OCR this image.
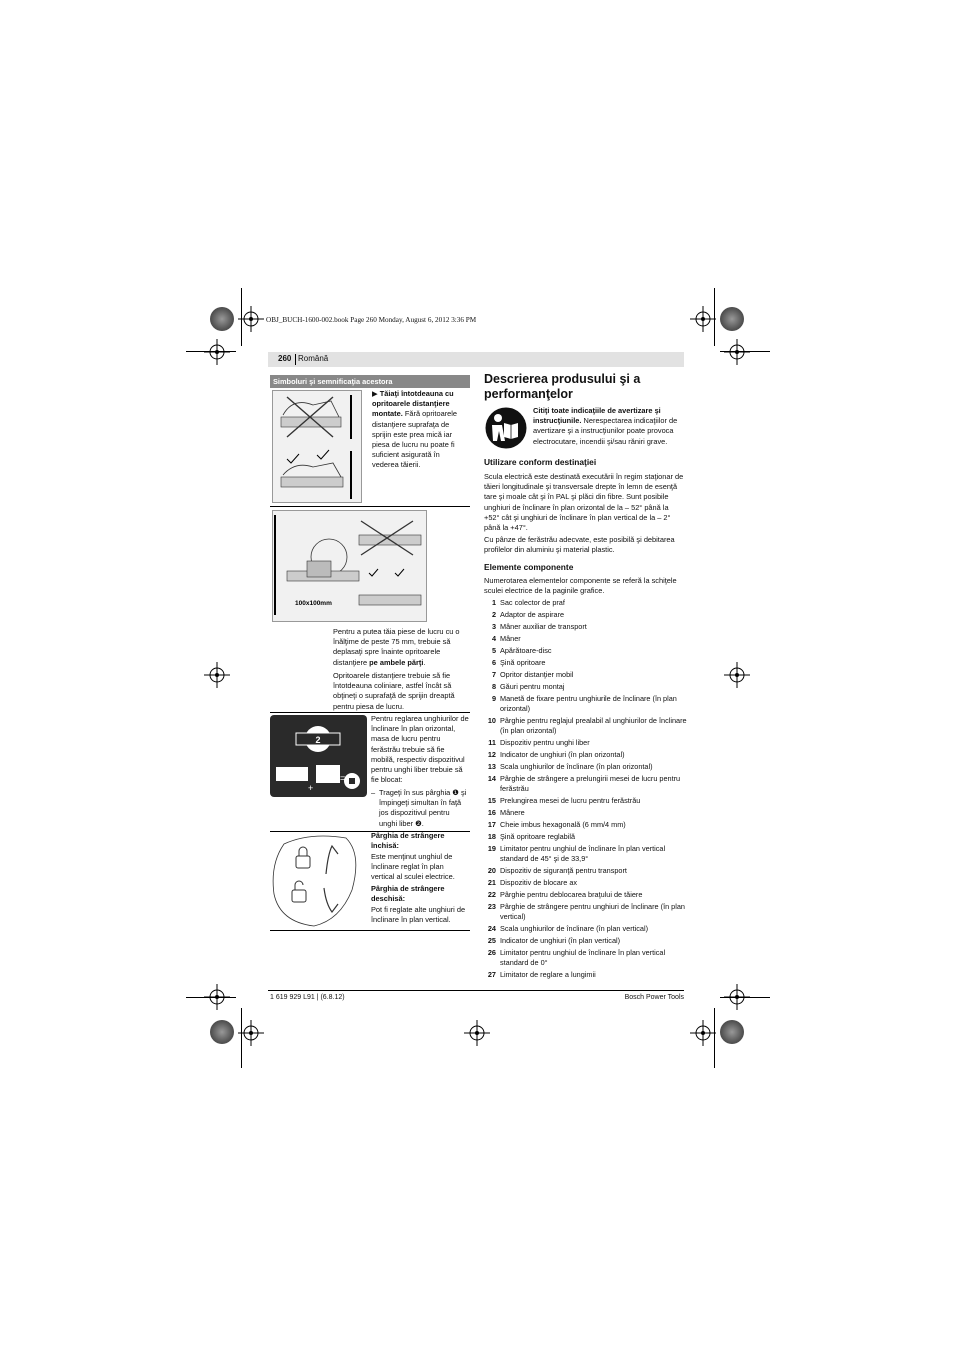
OBJ_BUCH-1600-002.book Page 260 Monday, August 6, 2012 3:36 PM
260 Română
Simboluri şi semnificaţia acestora
▶ Tăiaţi întotdeauna cu opritoarele distanţiere montate. Fără opritoarele distanţiere suprafaţa de sprijin este prea mică iar piesa de lucru nu poate fi suficient asigurată în vederea tăierii.
100x100mm
Pentru a putea tăia piese de lucru cu o înălţime de peste 75 mm, trebuie să deplasaţi spre înainte opritoarele distanţiere pe ambele părţi.
Opritoarele distanţiere trebuie să fie întotdeauna coliniare, astfel încât să obţineţi o suprafaţă de sprijin dreaptă pentru piesa de lucru.
2
+
=
Pentru reglarea unghiurilor de înclinare în plan orizontal, masa de lucru pentru ferăstrău trebuie să fie mobilă, respectiv dispozitivul pentru unghi liber trebuie să fie blocat:
– Trageţi în sus pârghia ❶ şi împingeţi simultan în faţă jos dispozitivul pentru unghi liber ❷.
Pârghia de strângere închisă:
Este menţinut unghiul de înclinare reglat în plan vertical al sculei electrice.
Pârghia de strângere deschisă:
Pot fi reglate alte unghiuri de înclinare în plan vertical.
Descrierea produsului şi a performanţelor
Citiţi toate indicaţiile de avertizare şi instrucţiunile. Nerespectarea indicaţiilor de avertizare şi a instrucţiunilor poate provoca electrocutare, incendii şi/sau răniri grave.
Utilizare conform destinaţiei
Scula electrică este destinată executării în regim staţionar de tăieri longitudinale şi transversale drepte în lemn de esenţă tare şi moale cât şi în PAL şi plăci din fibre. Sunt posibile unghiuri de înclinare în plan orizontal de la – 52° până la +52° cât şi unghiuri de înclinare în plan vertical de la – 2° până la +47°.
Cu pânze de ferăstrău adecvate, este posibilă şi debitarea profilelor din aluminiu şi material plastic.
Elemente componente
Numerotarea elementelor componente se referă la schiţele sculei electrice de la paginile grafice.
1 Sac colector de praf
2 Adaptor de aspirare
3 Mâner auxiliar de transport
4 Mâner
5 Apărătoare-disc
6 Şină opritoare
7 Opritor distanţier mobil
8 Găuri pentru montaj
9 Manetă de fixare pentru unghiurile de înclinare (în plan orizontal)
10 Pârghie pentru reglajul prealabil al unghiurilor de înclinare (în plan orizontal)
11 Dispozitiv pentru unghi liber
12 Indicator de unghiuri (în plan orizontal)
13 Scala unghiurilor de înclinare (în plan orizontal)
14 Pârghie de strângere a prelungirii mesei de lucru pentru ferăstrău
15 Prelungirea mesei de lucru pentru ferăstrău
16 Mânere
17 Cheie imbus hexagonală (6 mm/4 mm)
18 Şină opritoare reglabilă
19 Limitator pentru unghiul de înclinare în plan vertical standard de 45° şi de 33,9°
20 Dispozitiv de siguranţă pentru transport
21 Dispozitiv de blocare ax
22 Pârghie pentru deblocarea braţului de tăiere
23 Pârghie de strângere pentru unghiuri de înclinare (în plan vertical)
24 Scala unghiurilor de înclinare (în plan vertical)
25 Indicator de unghiuri (în plan vertical)
26 Limitator pentru unghiul de înclinare în plan vertical standard de 0°
27 Limitator de reglare a lungimii
1 619 929 L91 | (6.8.12)	Bosch Power Tools
